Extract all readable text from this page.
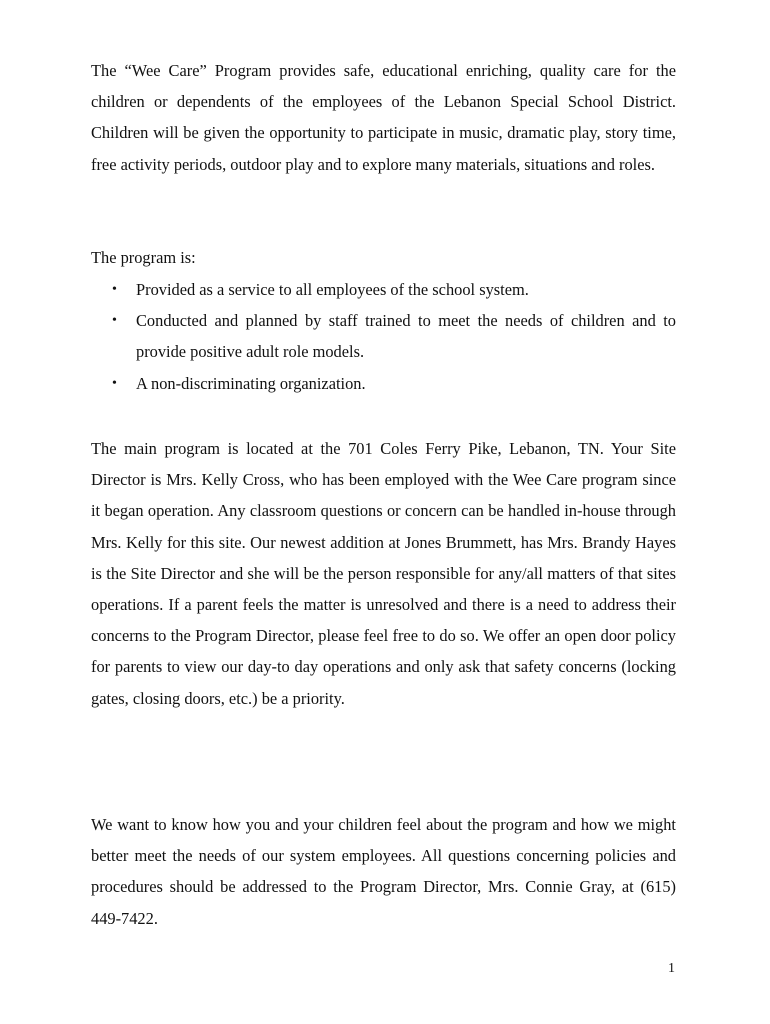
The “Wee Care” Program provides safe, educational enriching, quality care for the children or dependents of the employees of the Lebanon Special School District. Children will be given the opportunity to participate in music, dramatic play, story time, free activity periods, outdoor play and to explore many materials, situations and roles.

The program is:

• Provided as a service to all employees of the school system.
• Conducted and planned by staff trained to meet the needs of children and to provide positive adult role models.
• A non-discriminating organization.

The main program is located at the 701 Coles Ferry Pike, Lebanon, TN. Your Site Director is Mrs. Kelly Cross, who has been employed with the Wee Care program since it began operation. Any classroom questions or concern can be handled in-house through Mrs. Kelly for this site. Our newest addition at Jones Brummett, has Mrs. Brandy Hayes is the Site Director and she will be the person responsible for any/all matters of that sites operations. If a parent feels the matter is unresolved and there is a need to address their concerns to the Program Director, please feel free to do so. We offer an open door policy for parents to view our day-to day operations and only ask that safety concerns (locking gates, closing doors, etc.) be a priority.

We want to know how you and your children feel about the program and how we might better meet the needs of our system employees. All questions concerning policies and procedures should be addressed to the Program Director, Mrs. Connie Gray, at (615) 449-7422.

1
